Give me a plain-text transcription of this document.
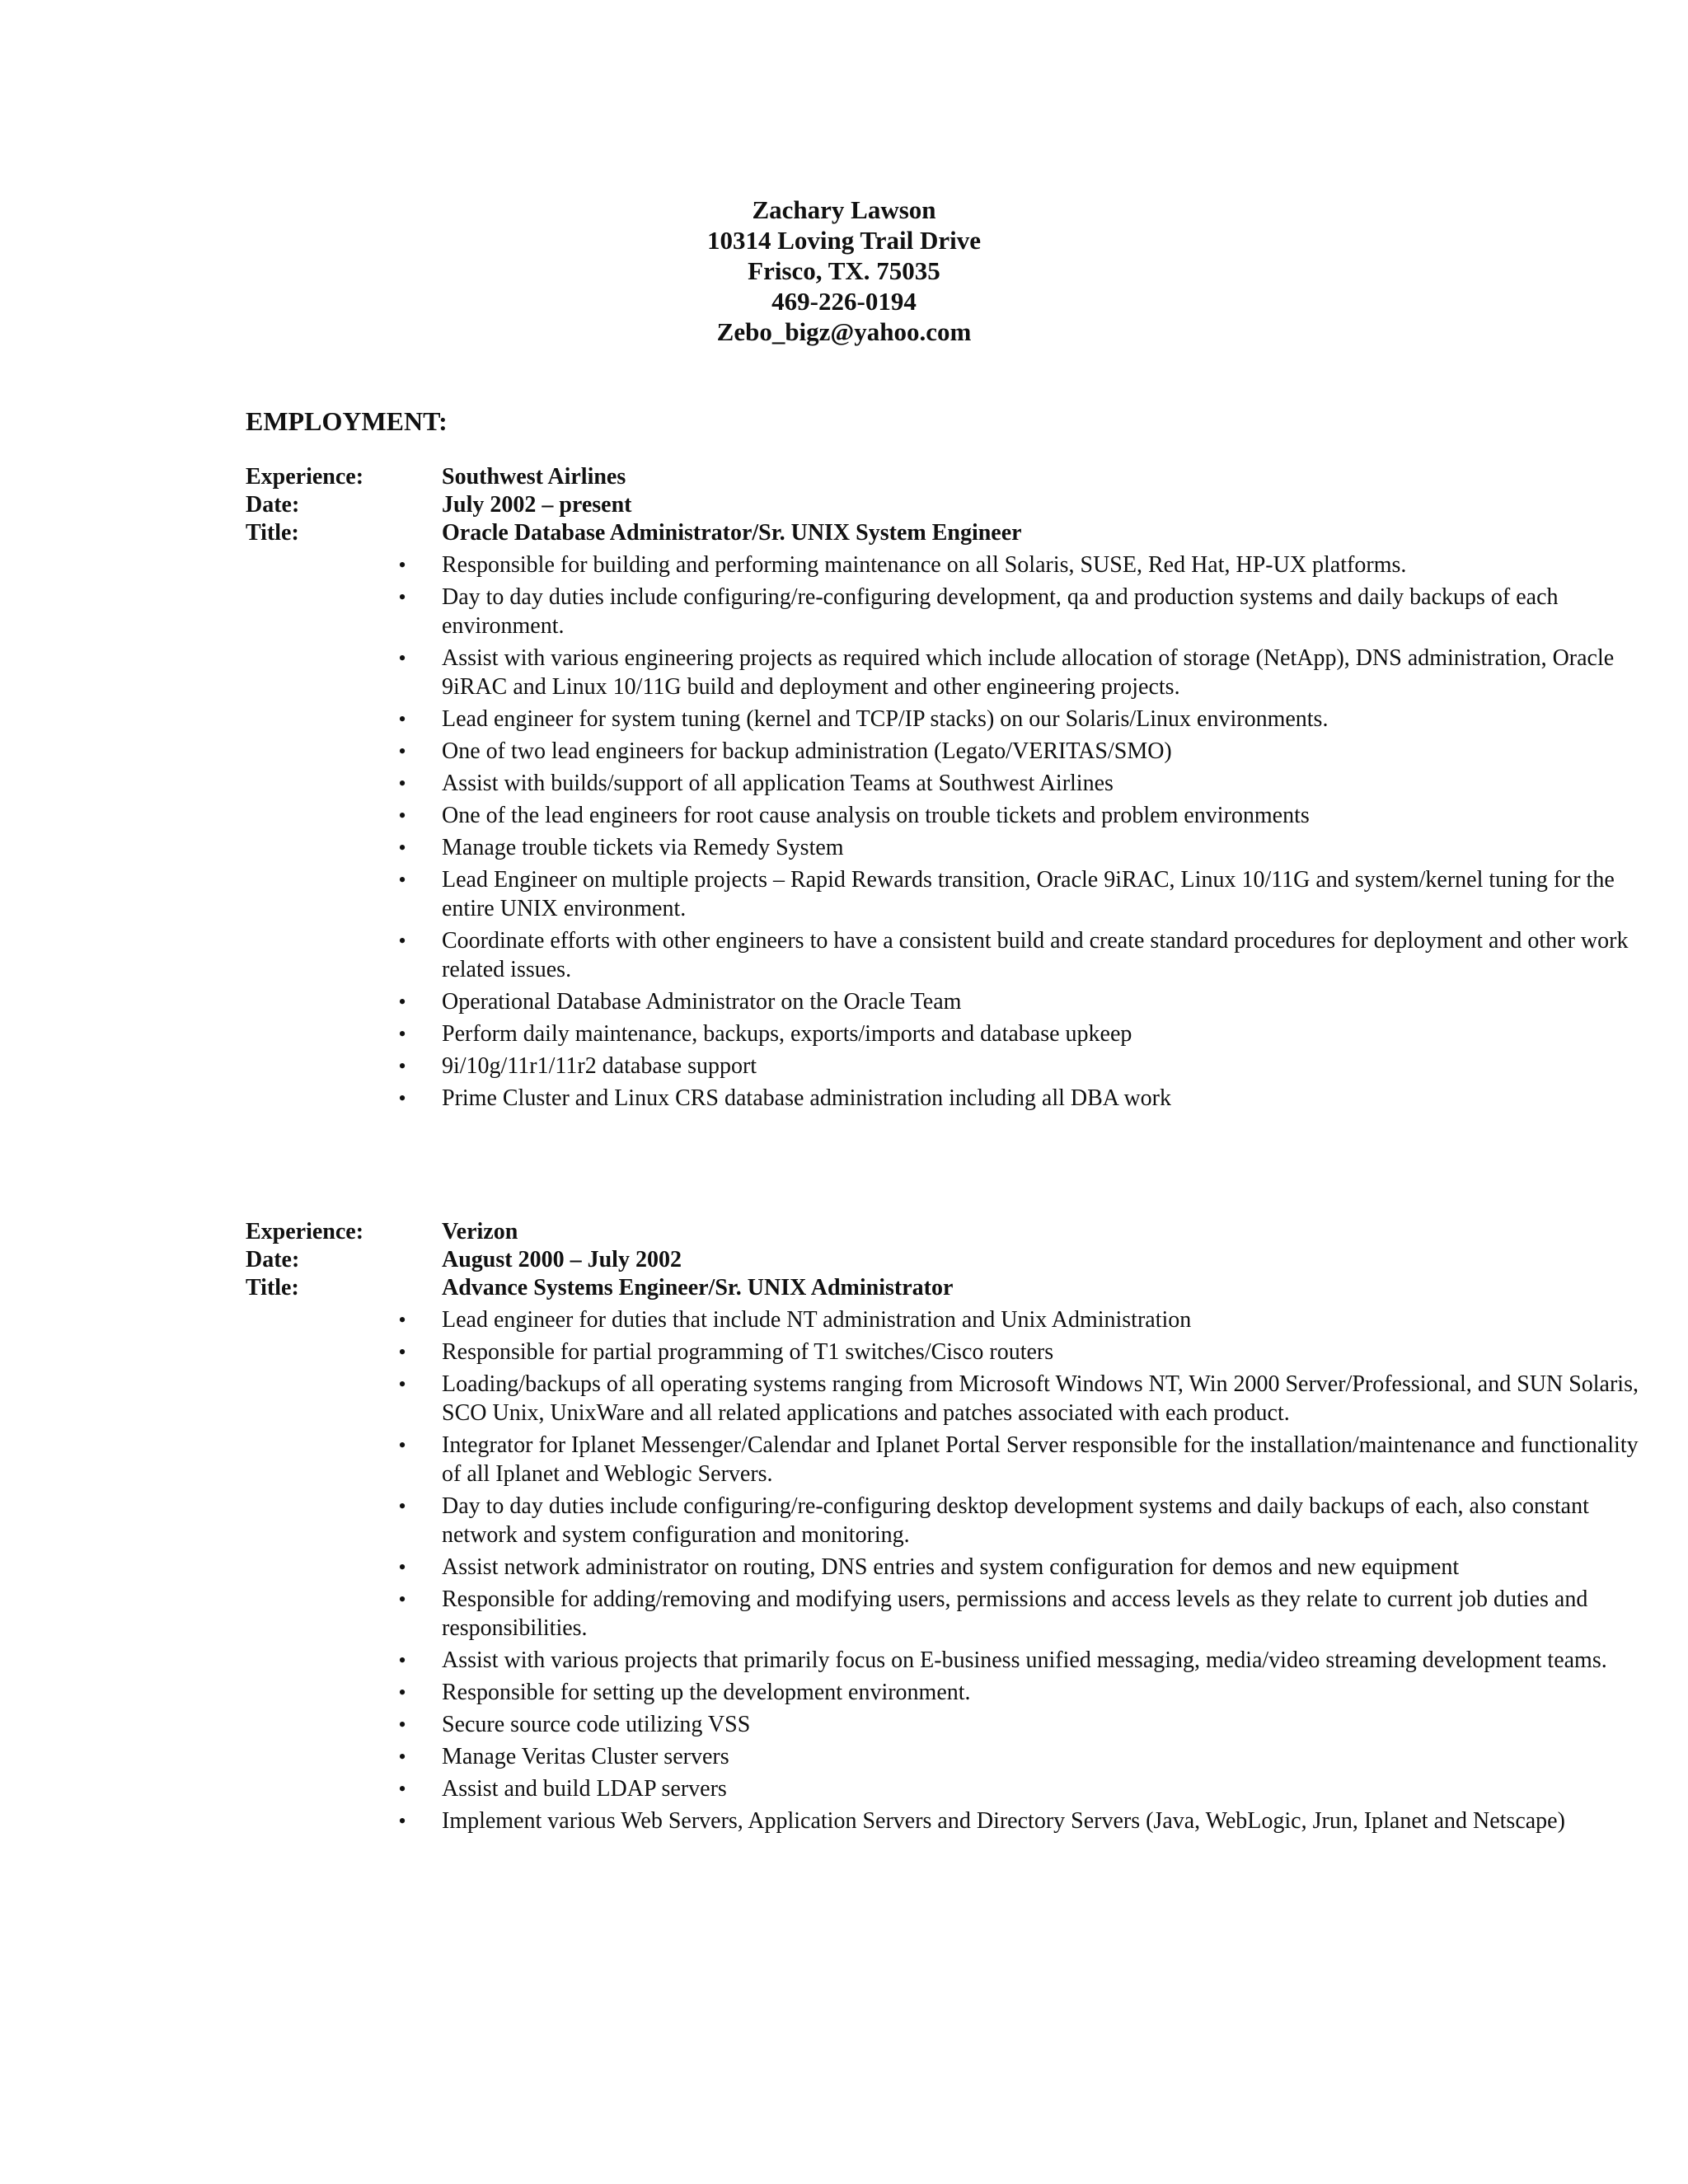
Zachary Lawson
10314 Loving Trail Drive
Frisco, TX. 75035
469-226-0194
Zebo_bigz@yahoo.com
EMPLOYMENT:
Experience:	Southwest Airlines
Date:	July 2002 – present
Title:	Oracle Database Administrator/Sr. UNIX System Engineer
• Responsible for building and performing maintenance on all Solaris, SUSE, Red Hat, HP-UX platforms.
• Day to day duties include configuring/re-configuring development, qa and production systems and daily backups of each environment.
• Assist with various engineering projects as required which include allocation of storage (NetApp), DNS administration, Oracle 9iRAC and Linux 10/11G build and deployment and other engineering projects.
• Lead engineer for system tuning (kernel and TCP/IP stacks) on our Solaris/Linux environments.
• One of two lead engineers for backup administration (Legato/VERITAS/SMO)
• Assist with builds/support of all application Teams at Southwest Airlines
• One of the lead engineers for root cause analysis on trouble tickets and problem environments
• Manage trouble tickets via Remedy System
• Lead Engineer on multiple projects – Rapid Rewards transition, Oracle 9iRAC, Linux 10/11G and system/kernel tuning for the entire UNIX environment.
• Coordinate efforts with other engineers to have a consistent build and create standard procedures for deployment and other work related issues.
• Operational Database Administrator on the Oracle Team
• Perform daily maintenance, backups, exports/imports and database upkeep
• 9i/10g/11r1/11r2 database support
• Prime Cluster and Linux CRS database administration including all DBA work
Experience:	Verizon
Date:	August 2000 – July 2002
Title:	Advance Systems Engineer/Sr. UNIX Administrator
• Lead engineer for duties that include NT administration and Unix Administration
• Responsible for partial programming of T1 switches/Cisco routers
• Loading/backups of all operating systems ranging from Microsoft Windows NT, Win 2000 Server/Professional, and SUN Solaris, SCO Unix, UnixWare and all related applications and patches associated with each product.
• Integrator for Iplanet Messenger/Calendar and Iplanet Portal Server responsible for the installation/maintenance and functionality of all Iplanet and Weblogic Servers.
• Day to day duties include configuring/re-configuring desktop development systems and daily backups of each, also constant network and system configuration and monitoring.
• Assist network administrator on routing, DNS entries and system configuration for demos and new equipment
• Responsible for adding/removing and modifying users, permissions and access levels as they relate to current job duties and responsibilities.
• Assist with various projects that primarily focus on E-business unified messaging, media/video streaming development teams.
• Responsible for setting up the development environment.
• Secure source code utilizing VSS
• Manage Veritas Cluster servers
• Assist and build LDAP servers
• Implement various Web Servers, Application Servers and Directory Servers (Java, WebLogic, Jrun, Iplanet and Netscape)
